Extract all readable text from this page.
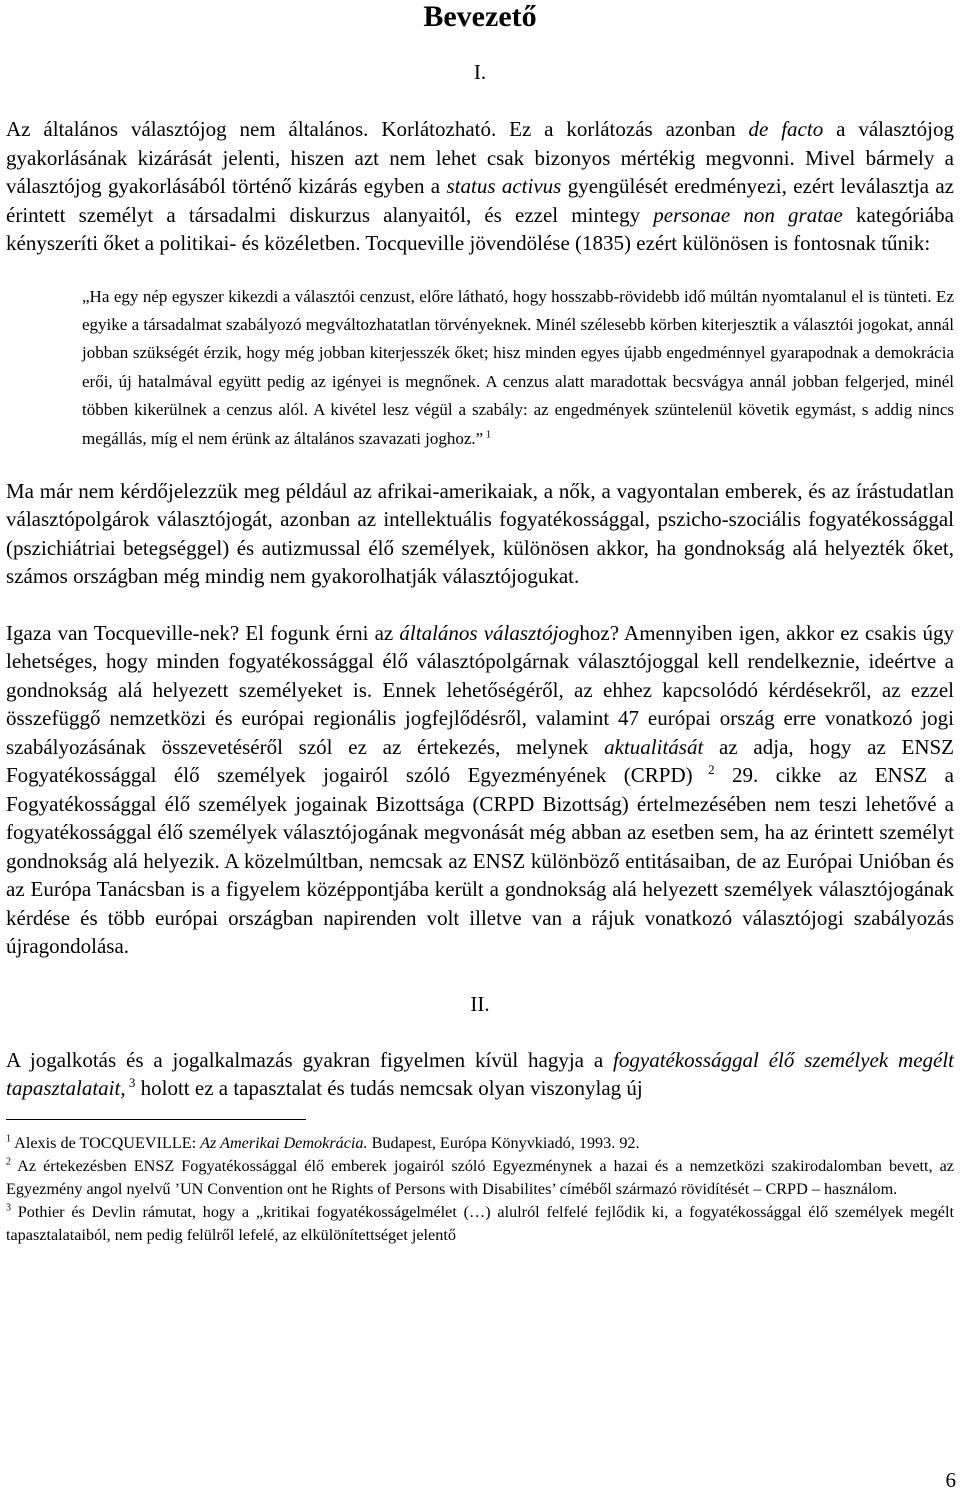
Bevezető
I.

Az általános választójog nem általános. Korlátozható. Ez a korlátozás azonban de facto a választójog gyakorlásának kizárását jelenti, hiszen azt nem lehet csak bizonyos mértékig megvonni. Mivel bármely a választójog gyakorlásából történő kizárás egyben a status activus gyengülését eredményezi, ezért leválasztja az érintett személyt a társadalmi diskurzus alanyaitól, és ezzel mintegy personae non gratae kategóriába kényszeríti őket a politikai- és közéletben. Tocqueville jövendölése (1835) ezért különösen is fontosnak tűnik:

„Ha egy nép egyszer kikezdi a választói cenzust, előre látható, hogy hosszabb-rövidebb idő múltán nyomtalanul el is tünteti. Ez egyike a társadalmat szabályozó megváltozhatatlan törvényeknek. Minél szélesebb körben kiterjesztik a választói jogokat, annál jobban szükségét érzik, hogy még jobban kiterjesszék őket; hisz minden egyes újabb engedménnyel gyarapodnak a demokrácia erői, új hatalmával együtt pedig az igényei is megnőnek. A cenzus alatt maradottak becsvágya annál jobban felgerjed, minél többen kikerülnek a cenzus alól. A kivétel lesz végül a szabály: az engedmények szüntelenül követik egymást, s addig nincs megállás, míg el nem érünk az általános szavazati joghoz.” $^1$

Ma már nem kérdőjelezzük meg például az afrikai-amerikaiak, a nők, a vagyontalan emberek, és az írástudatlan választópolgárok választójogát, azonban az intellektuális fogyatékossággal, pszicho-szociális fogyatékossággal (pszichiátriai betegséggel) és autizmussal élő személyek, különösen akkor, ha gondnokság alá helyezték őket, számos országban még mindig nem gyakorolhatják választójogukat.

Igaza van Tocqueville-nek? El fogunk érni az általános választójoghoz? Amennyiben igen, akkor ez csakis úgy lehetséges, hogy minden fogyatékossággal élő választópolgárnak választójoggal kell rendelkeznie, ideértve a gondnokság alá helyezett személyeket is. Ennek lehetőségéről, az ehhez kapcsolódó kérdésekről, az ezzel összefüggő nemzetközi és európai regionális jogfejlődésről, valamint 47 európai ország erre vonatkozó jogi szabályozásának összevetéséről szól ez az értekezés, melynek aktualitását az adja, hogy az ENSZ Fogyatékossággal élő személyek jogairól szóló Egyezményének (CRPD) $^2$ 29. cikke az ENSZ a Fogyatékossággal élő személyek jogainak Bizottsága (CRPD Bizottság) értelmezésében nem teszi lehetővé a fogyatékossággal élő személyek választójogának megvonását még abban az esetben sem, ha az érintett személyt gondnokság alá helyezik. A közelmúltban, nemcsak az ENSZ különböző entitásaiban, de az Európai Unióban és az Európa Tanácsban is a figyelem középpontjába került a gondnokság alá helyezett személyek választójogának kérdése és több európai országban napirenden volt illetve van a rájuk vonatkozó választójogi szabályozás újragondolása.

II.

A jogalkotás és a jogalkalmazás gyakran figyelmen kívül hagyja a fogyatékossággal élő személyek megélt tapasztalatait, $^3$ holott ez a tapasztalat és tudás nemcsak olyan viszonylag új

$^1$ Alexis de TOCQUEVILLE: Az Amerikai Demokrácia. Budapest, Európa Könyvkiadó, 1993. 92.

$^2$ Az értekezésben ENSZ Fogyatékossággal élő emberek jogairól szóló Egyezménynek a hazai és a nemzetközi szakirodalomban bevett, az Egyezmény angol nyelvű ’UN Convention ont he Rights of Persons with Disabilites’ címéből származó rövidítését – CRPD – használom.

$^3$ Pothier és Devlin rámutat, hogy a „kritikai fogyatékosságelmélet (…) alulról felfelé fejlődik ki, a fogyatékossággal élő személyek megélt tapasztalataiból, nem pedig felülről lefelé, az elkülönítettséget jelentő

6
